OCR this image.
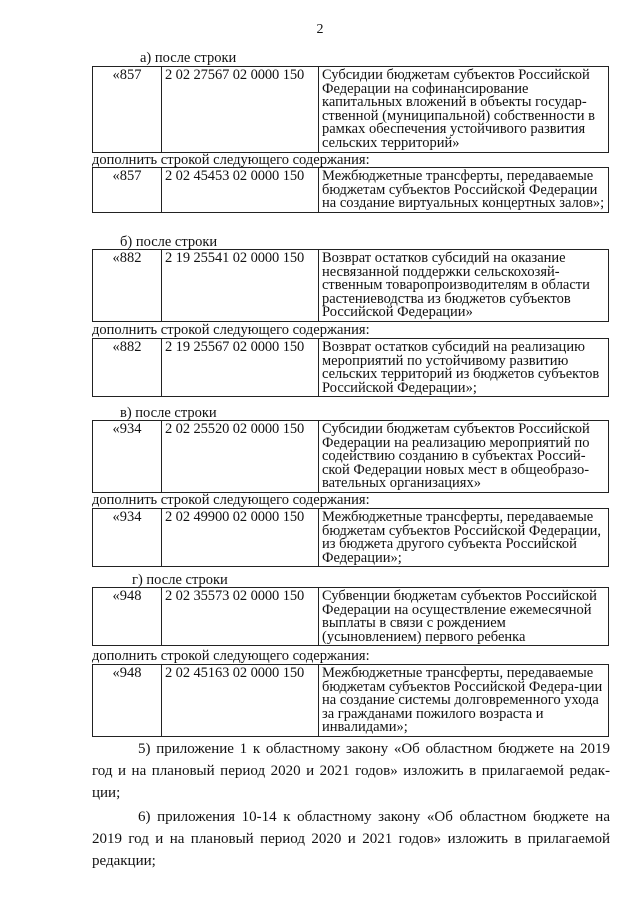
2
а) после строки
«857	2 02 27567 02 0000 150	Субсидии бюджетам субъектов Российской Федерации на софинансирование капитальных вложений в объекты государ-ственной (муниципальной) собственности в рамках обеспечения устойчивого развития сельских территорий»
дополнить строкой следующего содержания:
«857	2 02 45453 02 0000 150	Межбюджетные трансферты, передаваемые бюджетам субъектов Российской Федерации на создание виртуальных концертных залов»;
б) после строки
«882	2 19 25541 02 0000 150	Возврат остатков субсидий на оказание несвязанной поддержки сельскохозяй-ственным товаропроизводителям в области растениеводства из бюджетов субъектов Российской Федерации»
дополнить строкой следующего содержания:
«882	2 19 25567 02 0000 150	Возврат остатков субсидий на реализацию мероприятий по устойчивому развитию сельских территорий из бюджетов субъектов Российской Федерации»;
в) после строки
«934	2 02 25520 02 0000 150	Субсидии бюджетам субъектов Российской Федерации на реализацию мероприятий по содействию созданию в субъектах Россий-ской Федерации новых мест в общеобразо-вательных организациях»
дополнить строкой следующего содержания:
«934	2 02 49900 02 0000 150	Межбюджетные трансферты, передаваемые бюджетам субъектов Российской Федерации, из бюджета другого субъекта Российской Федерации»;
г) после строки
«948	2 02 35573 02 0000 150	Субвенции бюджетам субъектов Российской Федерации на осуществление ежемесячной выплаты в связи с рождением (усыновлением) первого ребенка
дополнить строкой следующего содержания:
«948	2 02 45163 02 0000 150	Межбюджетные трансферты, передаваемые бюджетам субъектов Российской Федера-ции на создание системы долговременного ухода за гражданами пожилого возраста и инвалидами»;
5) приложение 1 к областному закону «Об областном бюджете на 2019 год и на плановый период 2020 и 2021 годов» изложить в прилагаемой редак-ции;
6) приложения 10-14 к областному закону «Об областном бюджете на 2019 год и на плановый период 2020 и 2021 годов» изложить в прилагаемой редакции;
